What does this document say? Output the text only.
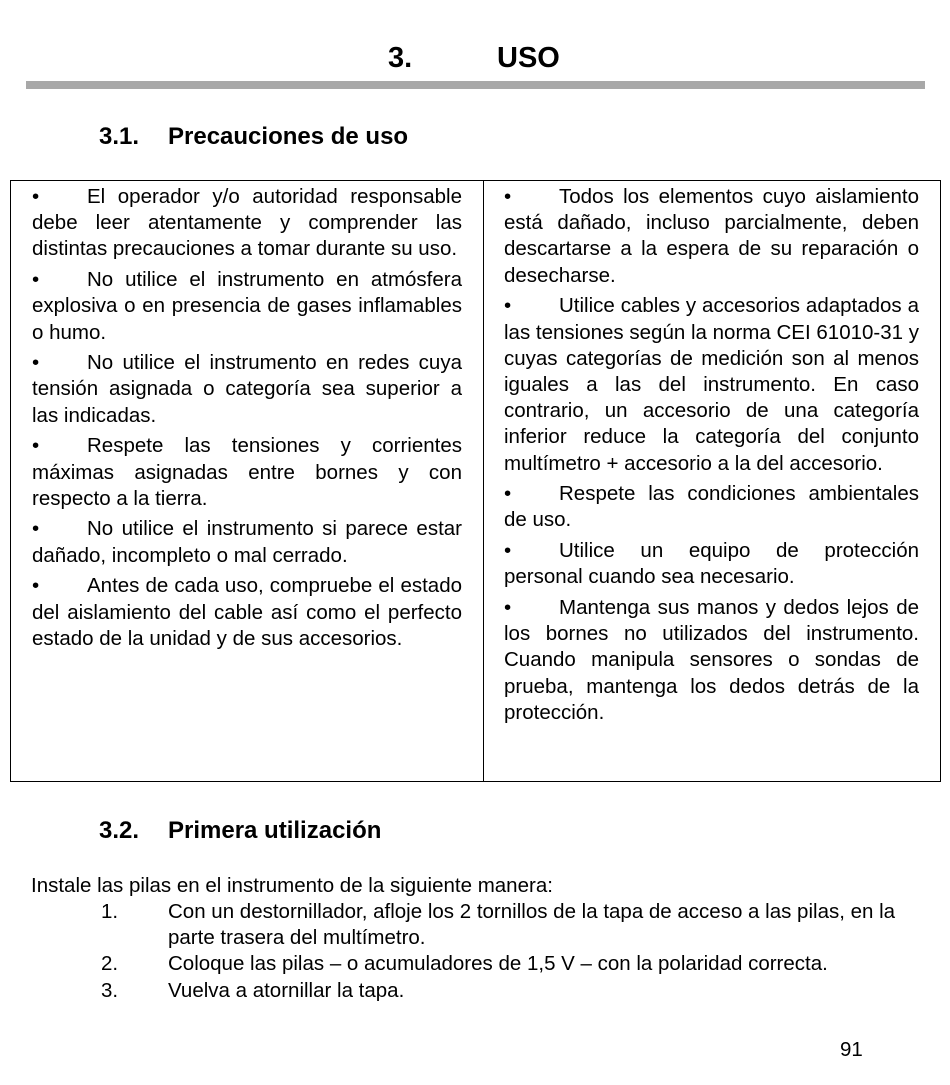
3.	USO
3.1. Precauciones de uso

• El operador y/o autoridad responsable debe leer atentamente y comprender las distintas precauciones a tomar durante su uso.

• No utilice el instrumento en atmósfera explosiva o en presencia de gases inflamables o humo.

• No utilice el instrumento en redes cuya tensión asignada o categoría sea superior a las indicadas.

• Respete las tensiones y corrientes máximas asignadas entre bornes y con respecto a la tierra.

• No utilice el instrumento si parece estar dañado, incompleto o mal cerrado.

• Antes de cada uso, compruebe el estado del aislamiento del cable así como el perfecto estado de la unidad y de sus accesorios.

• Todos los elementos cuyo aislamiento está dañado, incluso parcialmente, deben descartarse a la espera de su reparación o desecharse.

• Utilice cables y accesorios adaptados a las tensiones según la norma CEI 61010-31 y cuyas categorías de medición son al menos iguales a las del instrumento. En caso contrario, un accesorio de una categoría inferior reduce la categoría del conjunto multímetro + accesorio a la del accesorio.

• Respete las condiciones ambientales de uso.

• Utilice un equipo de protección personal cuando sea necesario.

• Mantenga sus manos y dedos lejos de los bornes no utilizados del instrumento. Cuando manipula sensores o sondas de prueba, mantenga los dedos detrás de la protección.

3.2. Primera utilización
Instale las pilas en el instrumento de la siguiente manera:
1. Con un destornillador, afloje los 2 tornillos de la tapa de acceso a las pilas, en la parte trasera del multímetro.
2. Coloque las pilas – o acumuladores de 1,5 V – con la polaridad correcta.
3. Vuelva a atornillar la tapa.
91
